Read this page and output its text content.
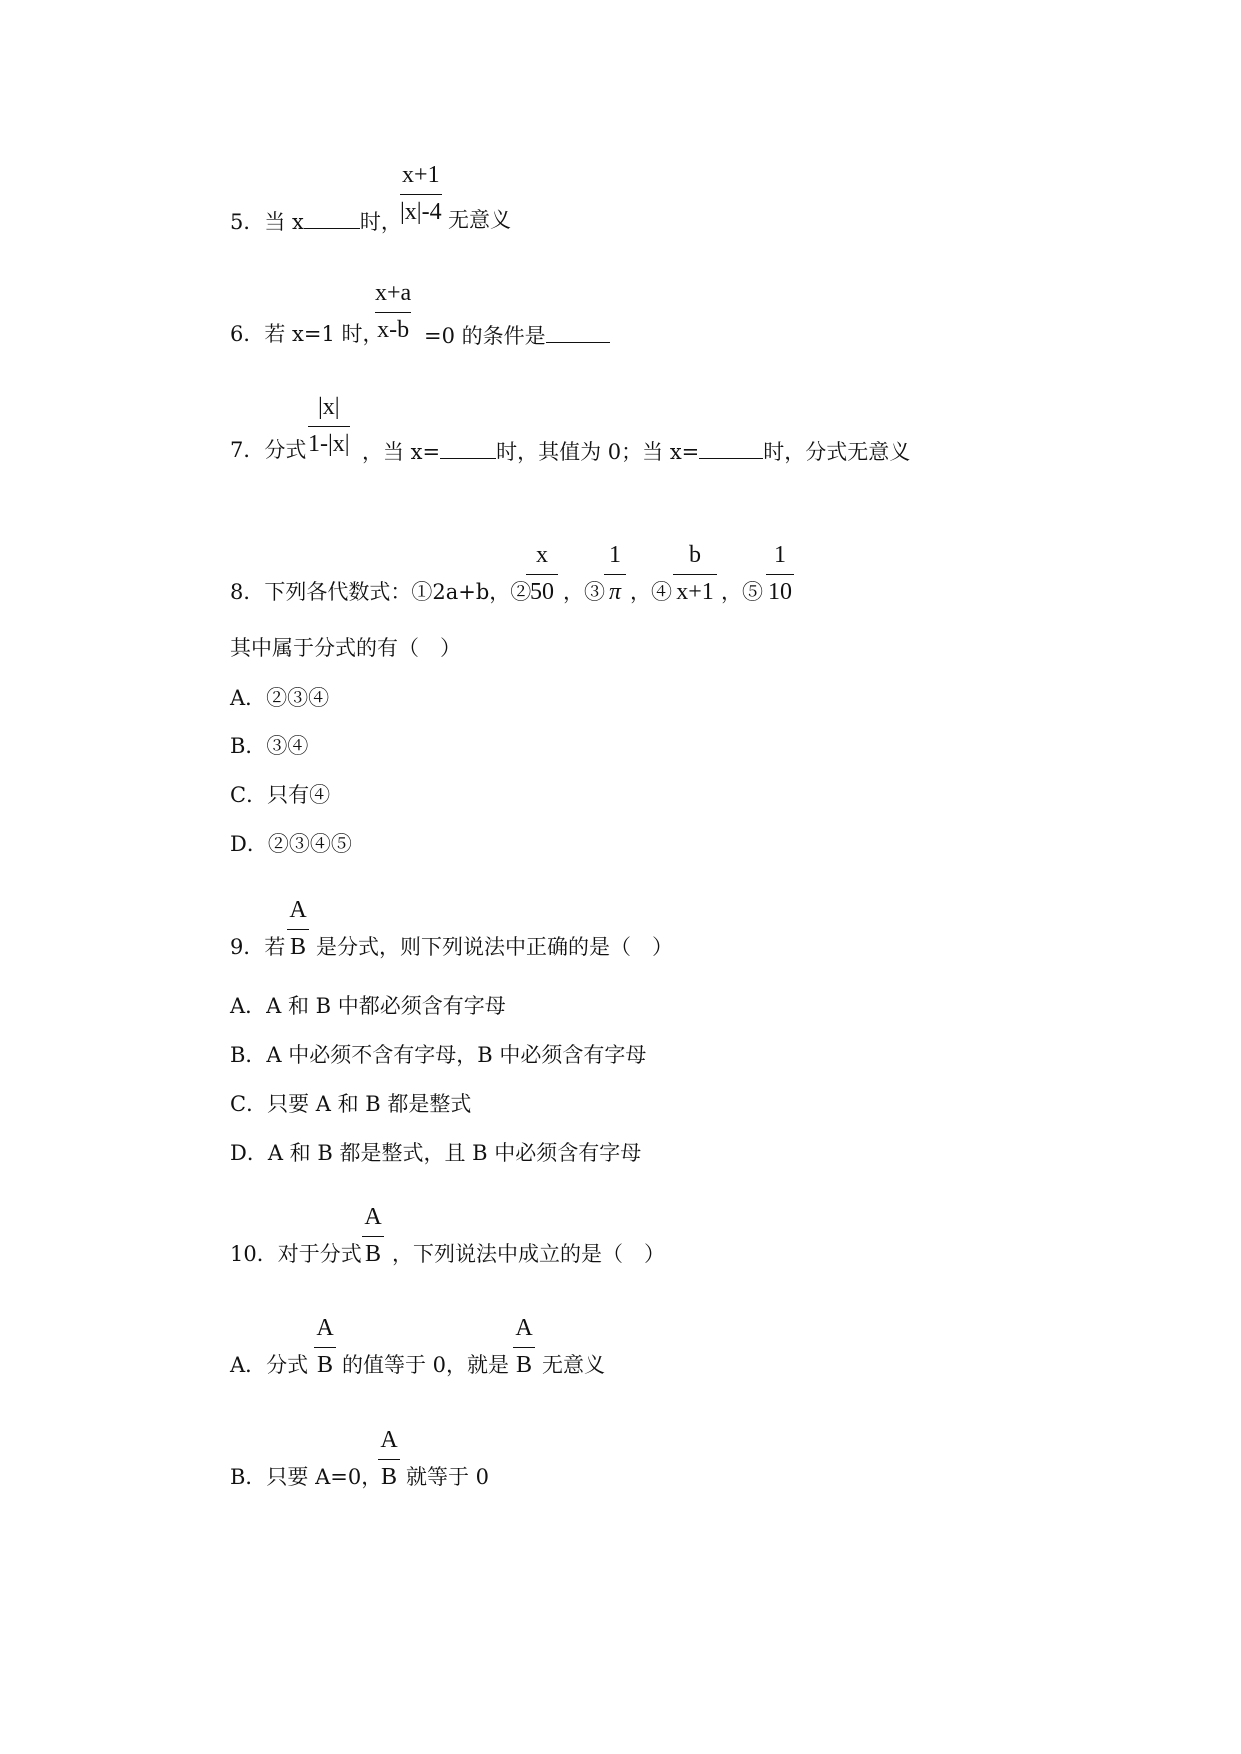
$\frac{x+1}{|x|-4}$
5．当 x	时， 无意义
$\frac{x+a}{x-b}$
6．若 x=1 时， =0 的条件是
$\frac{|x|}{1-|x|}$
7．分式	，当 x=	时，其值为 0；当 x=	时，分式无意义
8．下列各代数式：①2a+b，②
$\frac{x}{50}$ ，③ $\frac{1}{\pi}$ ，④ $\frac{b}{x+1}$ ，⑤ $\frac{1}{10}$
其中属于分式的有（　）
A．②③④
B．③④
C．只有④
D．②③④⑤
9．若 $\frac{A}{B}$ 是分式，则下列说法中正确的是（　）
A．A 和 B 中都必须含有字母
B．A 中必须不含有字母，B 中必须含有字母
C．只要 A 和 B 都是整式
D．A 和 B 都是整式，且 B 中必须含有字母
10．对于分式 $\frac{A}{B}$ ，下列说法中成立的是（　）
A．分式 $\frac{A}{B}$ 的值等于 0，就是 $\frac{A}{B}$ 无意义
B．只要 A=0，
$\frac{A}{B}$ 就等于 0
